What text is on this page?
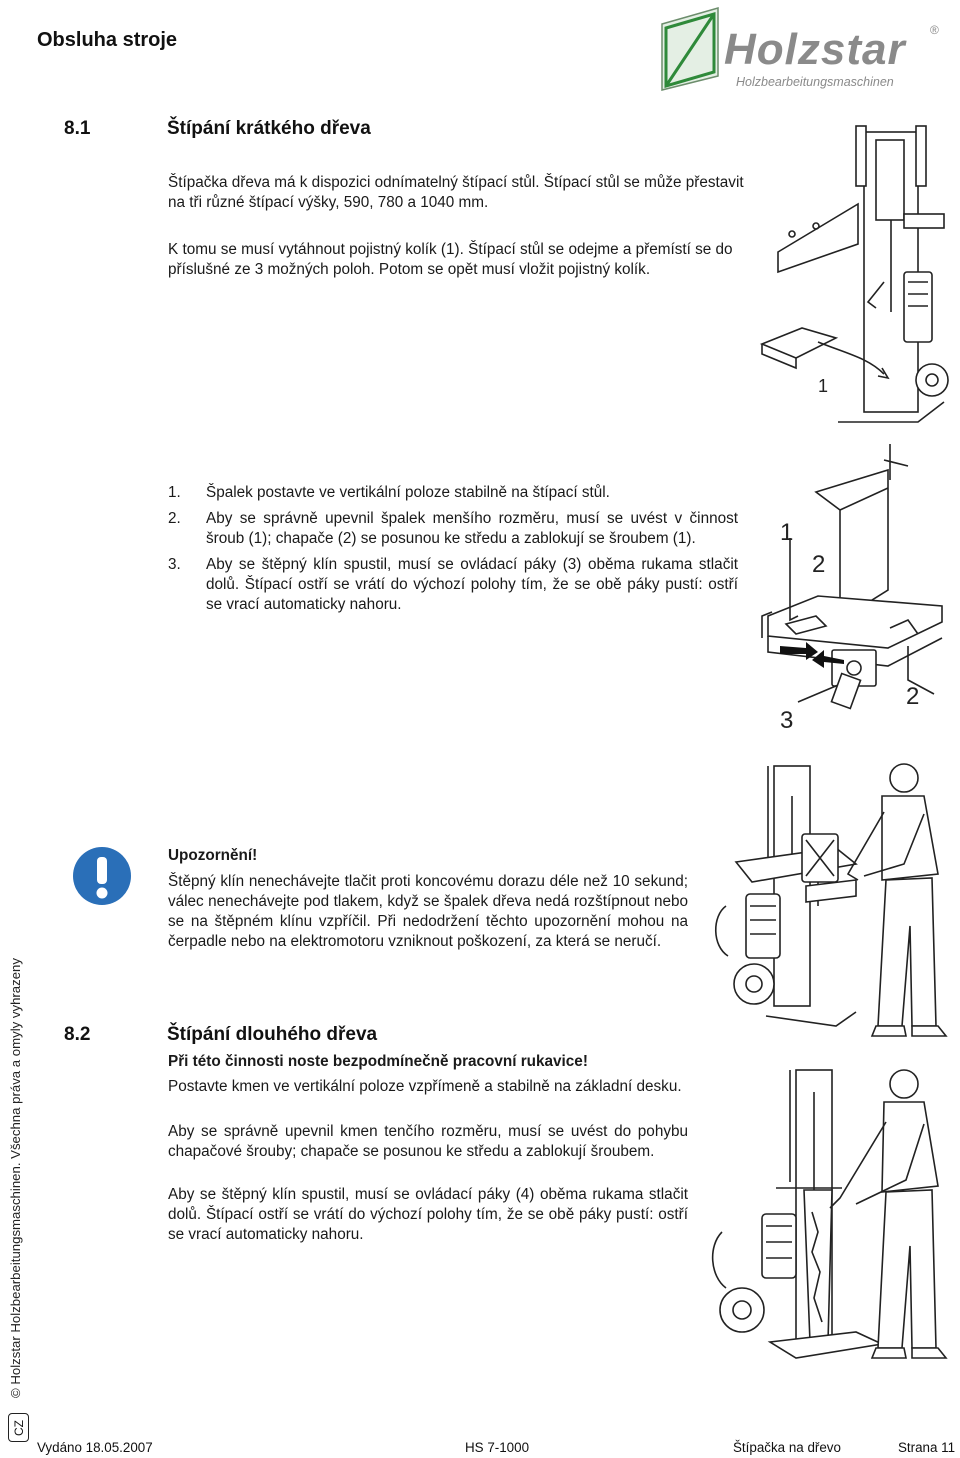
Obsluha stroje	Holzstar ®
Holzbearbeitungsmaschinen
8.1	Štípání krátkého dřeva
Štípačka dřeva má k dispozici odnímatelný štípací stůl. Štípací stůl se může přestavit na tři různé štípací výšky, 590, 780 a 1040 mm.
K tomu se musí vytáhnout pojistný kolík (1). Štípací stůl se odejme a přemístí se do příslušné ze 3 možných poloh. Potom se opět musí vložit pojistný kolík.
1. Špalek postavte ve vertikální poloze stabilně na štípací stůl.
2. Aby se správně upevnil špalek menšího rozměru, musí se uvést v činnost šroub (1); chapače (2) se posunou ke středu a zablokují se šroubem (1).
3. Aby se štěpný klín spustil, musí se ovládací páky (3) oběma rukama stlačit dolů. Štípací ostří se vrátí do výchozí polohy tím, že se obě páky pustí: ostří se vrací automaticky nahoru.
1
1
2
2
3
Upozornění!
Štěpný klín nenechávejte tlačit proti koncovému dorazu déle než 10 sekund; válec nenechávejte pod tlakem, když se špalek dřeva nedá rozštípnout nebo se na štěpném klínu vzpříčil. Při nedodržení těchto upozornění mohou na čerpadle nebo na elektromotoru vzniknout poškození, za která se neručí.
8.2	Štípání dlouhého dřeva
Při této činnosti noste bezpodmínečně pracovní rukavice!
Postavte kmen ve vertikální poloze vzpřímeně a stabilně na základní desku.
Aby se správně upevnil kmen tenčího rozměru, musí se uvést do pohybu chapačové šrouby; chapače se posunou ke středu a zablokují šroubem.
Aby se štěpný klín spustil, musí se ovládací páky (4) oběma rukama stlačit dolů. Štípací ostří se vrátí do výchozí polohy tím, že se obě páky pustí: ostří se vrací automaticky nahoru.
© Holzstar Holzbearbeitungsmaschinen. Všechna práva a omyly vyhrazeny
CZ
Vydáno 18.05.2007	HS 7-1000	Štípačka na dřevo	Strana 11
